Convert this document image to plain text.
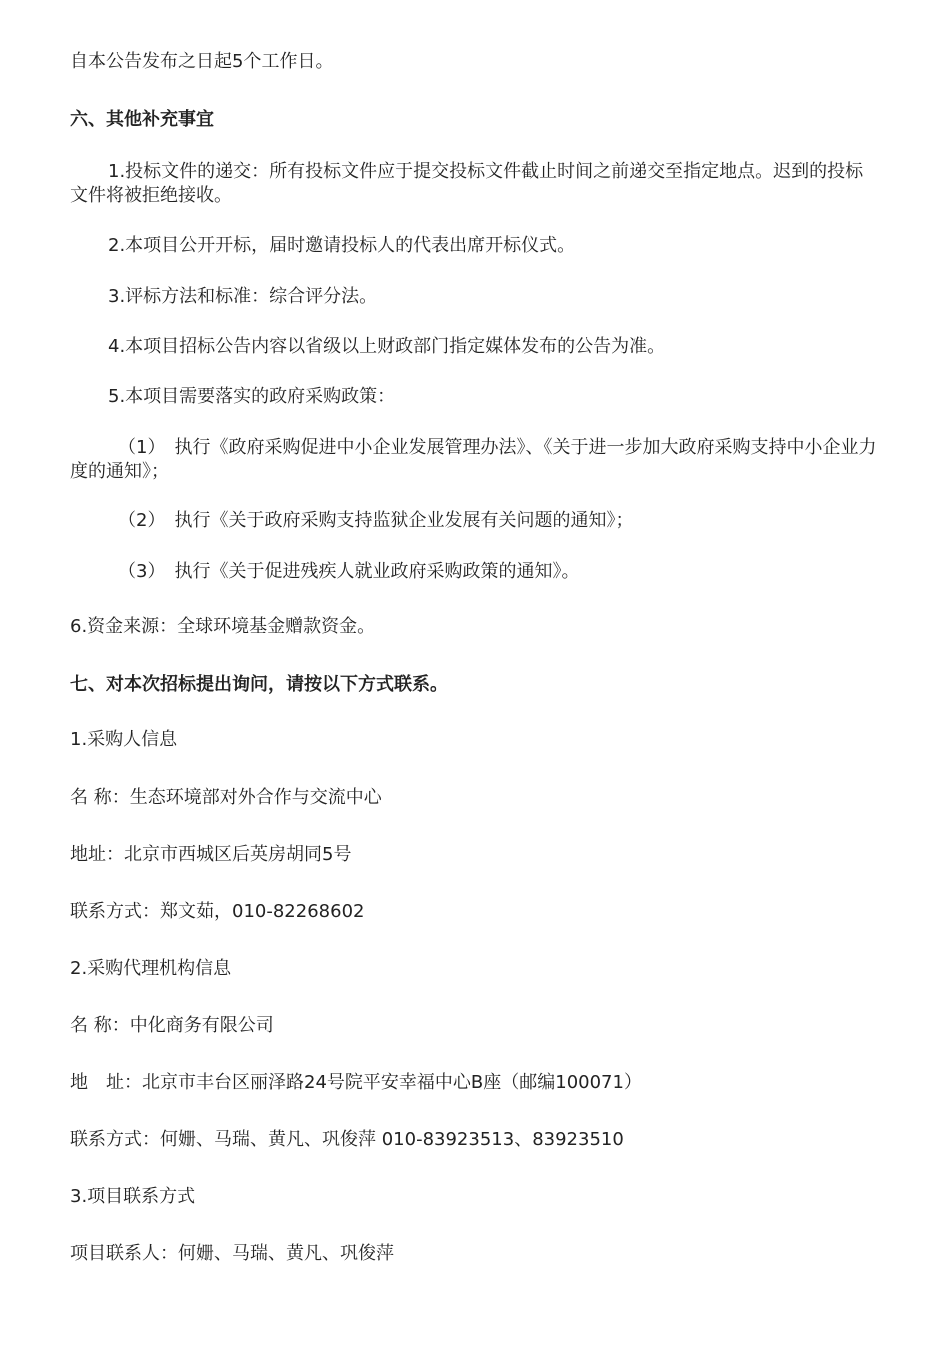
自本公告发布之日起5个工作日。
六、其他补充事宜
1.投标文件的递交：所有投标文件应于提交投标文件截止时间之前递交至指定地点。迟到的投标文件将被拒绝接收。
2.本项目公开开标，届时邀请投标人的代表出席开标仪式。
3.评标方法和标准：综合评分法。
4.本项目招标公告内容以省级以上财政部门指定媒体发布的公告为准。
5.本项目需要落实的政府采购政策：
（1）　执行《政府采购促进中小企业发展管理办法》、《关于进一步加大政府采购支持中小企业力度的通知》；
（2）　执行《关于政府采购支持监狱企业发展有关问题的通知》；
（3）　执行《关于促进残疾人就业政府采购政策的通知》。
6.资金来源：全球环境基金赠款资金。
七、对本次招标提出询问，请按以下方式联系。
1.采购人信息
名 称：生态环境部对外合作与交流中心
地址：北京市西城区后英房胡同5号
联系方式：郑文茹，010-82268602
2.采购代理机构信息
名 称：中化商务有限公司
地　址：北京市丰台区丽泽路24号院平安幸福中心B座（邮编100071）
联系方式：何姗、马瑞、黄凡、巩俊萍 010-83923513、83923510
3.项目联系方式
项目联系人：何姗、马瑞、黄凡、巩俊萍
